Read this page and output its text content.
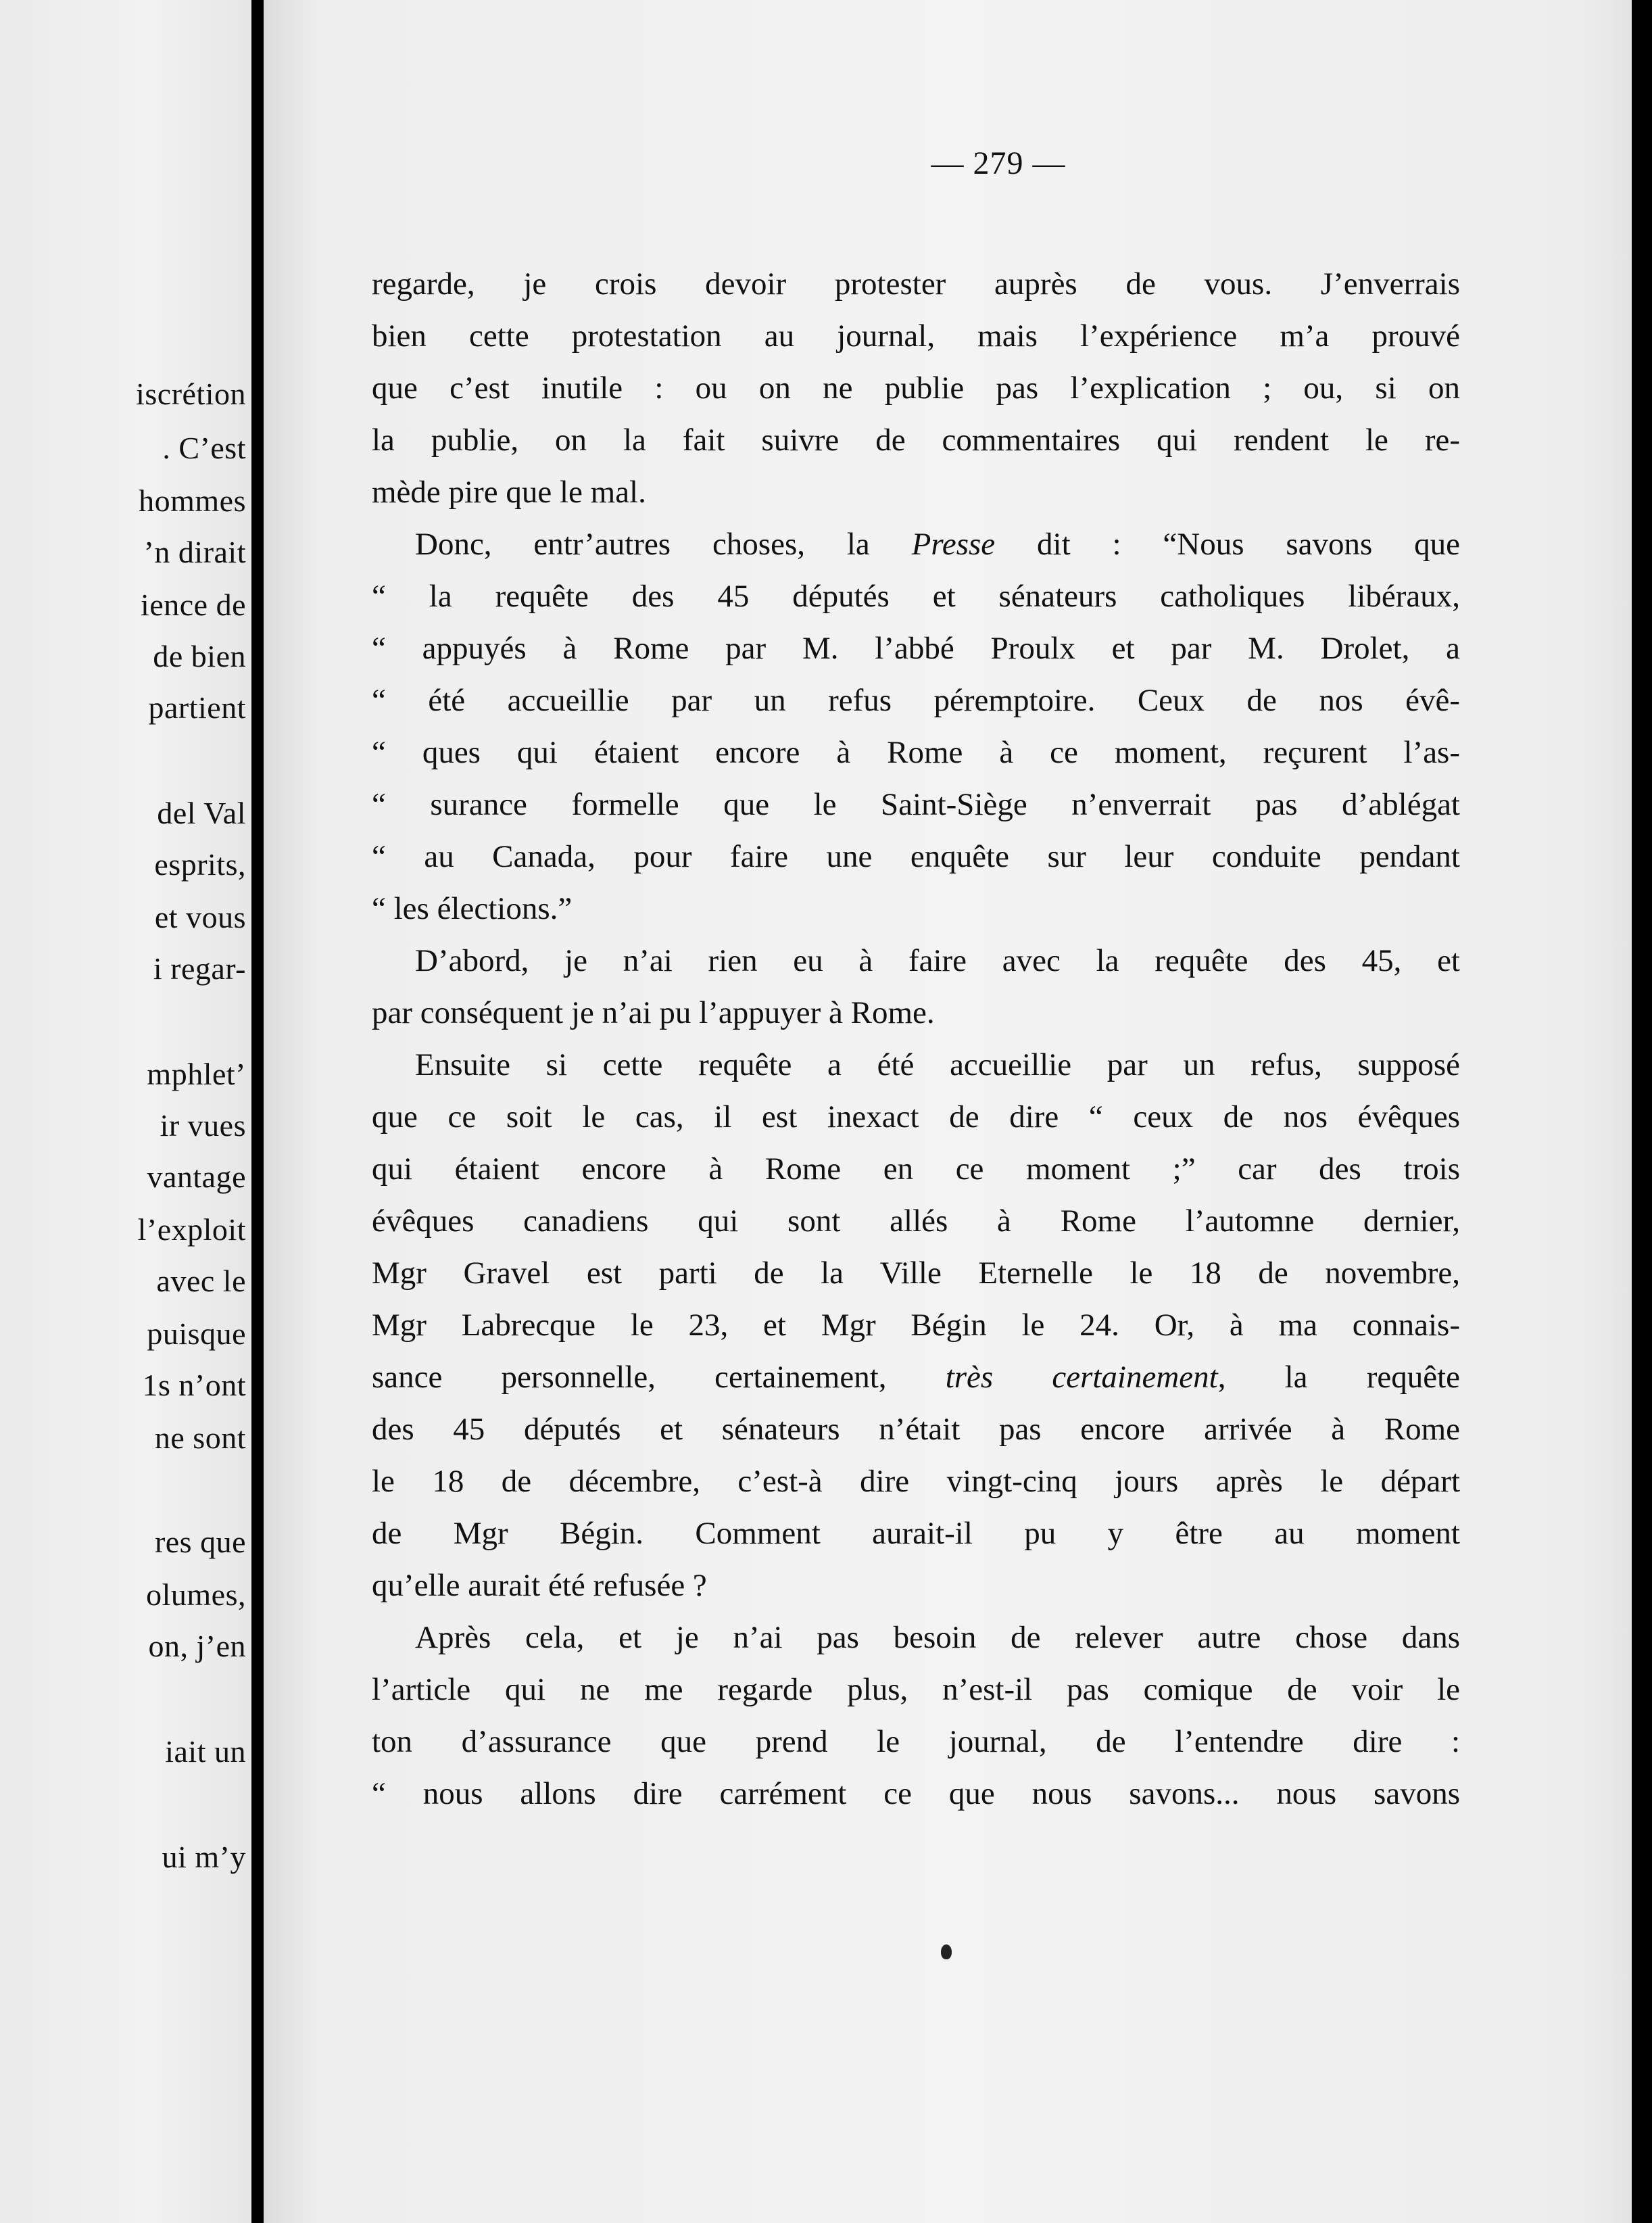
iscrétion
. C’est
hommes
’n dirait
ience de
de bien
partient
del Val
esprits,
et vous
i regar-
mphlet’
ir vues
vantage
l’exploit
avec le
puisque
1s n’ont
ne sont
res que
olumes,
on, j’en
iait un
ui m’y
— 279 —
regarde, je crois devoir protester auprès de vous. J’enverrais
bien cette protestation au journal, mais l’expérience m’a prouvé
que c’est inutile : ou on ne publie pas l’explication ; ou, si on
la publie, on la fait suivre de commentaires qui rendent le re-
mède pire que le mal.
Donc, entr’autres choses, la Presse dit : “Nous savons que
“ la requête des 45 députés et sénateurs catholiques libéraux,
“ appuyés à Rome par M. l’abbé Proulx et par M. Drolet, a
“ été accueillie par un refus péremptoire. Ceux de nos évê-
“ ques qui étaient encore à Rome à ce moment, reçurent l’as-
“ surance formelle que le Saint-Siège n’enverrait pas d’ablégat
“ au Canada, pour faire une enquête sur leur conduite pendant
“ les élections.”
D’abord, je n’ai rien eu à faire avec la requête des 45, et
par conséquent je n’ai pu l’appuyer à Rome.
Ensuite si cette requête a été accueillie par un refus, supposé
que ce soit le cas, il est inexact de dire “ ceux de nos évêques
qui étaient encore à Rome en ce moment ;” car des trois
évêques canadiens qui sont allés à Rome l’automne dernier,
Mgr Gravel est parti de la Ville Eternelle le 18 de novembre,
Mgr Labrecque le 23, et Mgr Bégin le 24. Or, à ma connais-
sance personnelle, certainement, très certainement, la requête
des 45 députés et sénateurs n’était pas encore arrivée à Rome
le 18 de décembre, c’est-à dire vingt-cinq jours après le départ
de Mgr Bégin. Comment aurait-il pu y être au moment
qu’elle aurait été refusée ?
Après cela, et je n’ai pas besoin de relever autre chose dans
l’article qui ne me regarde plus, n’est-il pas comique de voir le
ton d’assurance que prend le journal, de l’entendre dire :
“ nous allons dire carrément ce que nous savons... nous savons
